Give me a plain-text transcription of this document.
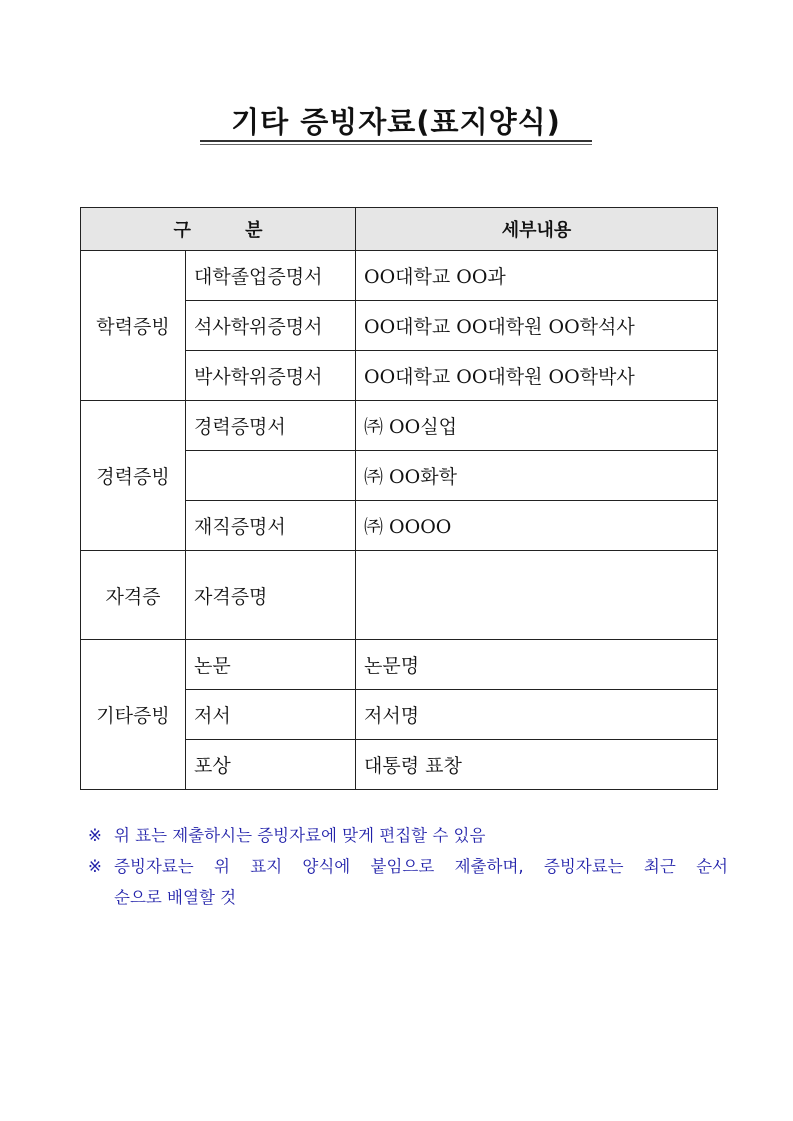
기타 증빙자료(표지양식)
구 분		세부내용
학력증빙	대학졸업증명서	OO대학교 OO과
	석사학위증명서	OO대학교 OO대학원 OO학석사
	박사학위증명서	OO대학교 OO대학원 OO학박사
경력증빙	경력증명서	㈜ OO실업
		㈜ OO화학
	재직증명서	㈜ OOOO
자격증	자격증명	
기타증빙	논문	논문명
	저서	저서명
	포상	대통령 표창
※ 위 표는 제출하시는 증빙자료에 맞게 편집할 수 있음
※ 증빙자료는 위 표지 양식에 붙임으로 제출하며, 증빙자료는 최근 순서
순으로 배열할 것
